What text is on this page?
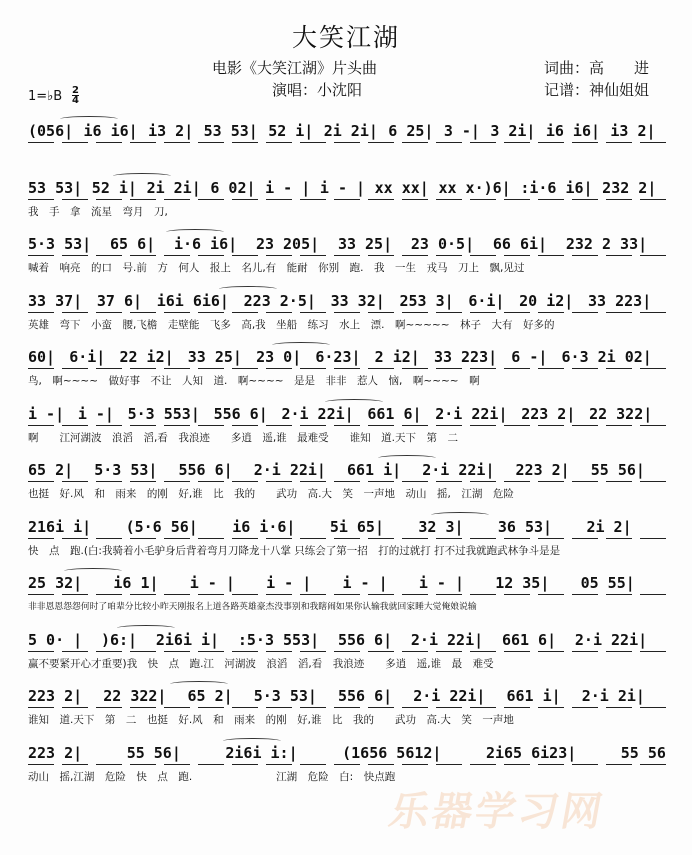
大笑江湖
电影《大笑江湖》片头曲
演唱：小沈阳
词曲：高　　进
记谱：神仙姐姐
1=♭B $\frac{2}{4}$
(056| i6 i6| i3 2| 53 53| 52 i| 2i 2i| 6 25| 3 -| 3 2i| i6 i6| i3 2|
53 53| 52 i| 2i 2i| 6 02| i - | i - | xx xx| xx x·)6| :i·6 i6| 232 2|
我　手　拿　流星　弯月　刀,
5·3 53| 65 6| i·6 i6| 23 205| 33 25| 23 0·5| 66 6i| 232 2 33|
喊着　响亮　的口　号.前　方　何人　报上　名儿,有　能耐　你别　跑.　我　一生　戎马　刀上　飘,见过
33 37| 37 6| i6i 6i6| 223 2·5| 33 32| 253 3| 6·i| 20 i2| 33 223|
英雄　弯下　小蛮　腰,飞檐　走壁能　飞多　高,我　坐船　练习　水上　漂.　啊~~~~~　林子　大有　好多的
60| 6·i| 22 i2| 33 25| 23 0| 6·23| 2 i2| 33 223| 6 -| 6·3 2i 02|
鸟,　啊~~~~　做好事　不让　人知　道.　啊~~~~　是是　非非　惹人　恼,　啊~~~~　啊
i -| i -| 5·3 553| 556 6| 2·i 22i| 661 6| 2·i 22i| 223 2| 22 322|
啊　　江河湖波　浪滔　滔,看　我浪迹　　多逍　遥,谁　最难受　　谁知　道.天下　第　二
65 2| 5·3 53| 556 6| 2·i 22i| 661 i| 2·i 22i| 223 2| 55 56|
也挺　好.风　和　雨来　的刚　好,谁　比　我的　　武功　高.大　笑　一声地　动山　摇,　江湖　危险
216i i| (5·6 56| i6 i·6| 5i 65| 32 3| 36 53| 2i 2|
快　点　跑.(白:我骑着小毛驴身后背着弯月刀降龙十八掌 只练会了第一招　打的过就打 打不过我就跑武林争斗是是
25 32| i6 1| i - | i - | i - | i - | 12 35| 05 55|
非非恩恩怨怨何时了咱辈分比较小昨天刚报名上道各路英雄豪杰没事别和我瞎闹如果你认输我就回家睡大觉俺娘说输
5 0· | )6:| 2i6i i| :5·3 553| 556 6| 2·i 22i| 661 6| 2·i 22i|
赢不要紧开心才重要)我　快　点　跑.江　河湖波　浪滔　滔,看　我浪迹　　多逍　遥,谁　最　难受
223 2| 22 322| 65 2| 5·3 53| 556 6| 2·i 22i| 661 i| 2·i 2i|
谁知　道.天下　第　二　也挺　好.风　和　雨来　的刚　好,谁　比　我的　　武功　高.大　笑　一声地
223 2|	55 56|	2i6i i:|	(1656 5612|	2i65 6i23|	55 56
动山　摇,江湖　危险　快　点　跑.　　　　　　　　江湖　危险　白:　快点跑
乐器学习网
